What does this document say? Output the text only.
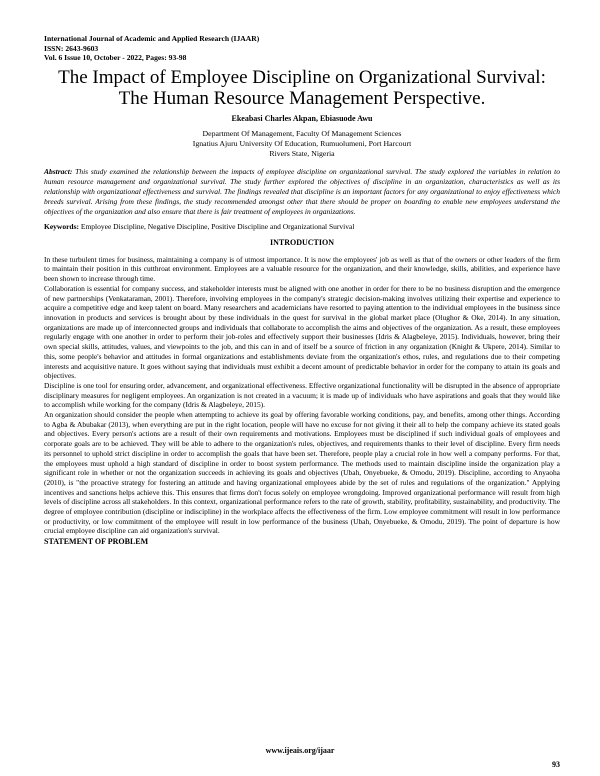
International Journal of Academic and Applied Research (IJAAR)
ISSN: 2643-9603
Vol. 6 Issue 10, October - 2022, Pages: 93-98
The Impact of Employee Discipline on Organizational Survival:
The Human Resource Management Perspective.
Ekeabasi Charles Akpan, Ebiasuode Awu
Department Of Management, Faculty Of Management Sciences
Ignatius Ajuru University Of Education, Rumuolumeni, Port Harcourt
Rivers State, Nigeria
Abstract: This study examined the relationship between the impacts of employee discipline on organizational survival. The study explored the variables in relation to human resource management and organizational survival. The study further explored the objectives of discipline in an organization, characteristics as well as its relationship with organizational effectiveness and survival. The findings revealed that discipline is an important factors for any organizational to enjoy effectiveness which breeds survival. Arising from these findings, the study recommended amongst other that there should be proper on boarding to enable new employees understand the objectives of the organization and also ensure that there is fair treatment of employees in organizations.
Keywords: Employee Discipline, Negative Discipline, Positive Discipline and Organizational Survival
INTRODUCTION

In these turbulent times for business, maintaining a company is of utmost importance. It is now the employees' job as well as that of the owners or other leaders of the firm to maintain their position in this cutthroat environment. Employees are a valuable resource for the organization, and their knowledge, skills, abilities, and experience have been shown to increase through time.

Collaboration is essential for company success, and stakeholder interests must be aligned with one another in order for there to be no business disruption and the emergence of new partnerships (Venkataraman, 2001). Therefore, involving employees in the company's strategic decision-making involves utilizing their expertise and experience to acquire a competitive edge and keep talent on board. Many researchers and academicians have resorted to paying attention to the individual employees in the business since innovation in products and services is brought about by these individuals in the quest for survival in the global market place (Olughor & Oke, 2014). In any situation, organizations are made up of interconnected groups and individuals that collaborate to accomplish the aims and objectives of the organization. As a result, these employees regularly engage with one another in order to perform their job-roles and effectively support their businesses (Idris & Alagbeleye, 2015). Individuals, however, bring their own special skills, attitudes, values, and viewpoints to the job, and this can in and of itself be a source of friction in any organization (Knight & Ukpere, 2014). Similar to this, some people's behavior and attitudes in formal organizations and establishments deviate from the organization's ethos, rules, and regulations due to their competing interests and acquisitive nature. It goes without saying that individuals must exhibit a decent amount of predictable behavior in order for the company to attain its goals and objectives.

Discipline is one tool for ensuring order, advancement, and organizational effectiveness. Effective organizational functionality will be disrupted in the absence of appropriate disciplinary measures for negligent employees. An organization is not created in a vacuum; it is made up of individuals who have aspirations and goals that they would like to accomplish while working for the company (Idris & Alagbeleye, 2015).

An organization should consider the people when attempting to achieve its goal by offering favorable working conditions, pay, and benefits, among other things. According to Agba & Abubakar (2013), when everything are put in the right location, people will have no excuse for not giving it their all to help the company achieve its stated goals and objectives. Every person's actions are a result of their own requirements and motivations. Employees must be disciplined if such individual goals of employees and corporate goals are to be achieved. They will be able to adhere to the organization's rules, objectives, and requirements thanks to their level of discipline. Every firm needs its personnel to uphold strict discipline in order to accomplish the goals that have been set. Therefore, people play a crucial role in how well a company performs. For that, the employees must uphold a high standard of discipline in order to boost system performance. The methods used to maintain discipline inside the organization play a significant role in whether or not the organization succeeds in achieving its goals and objectives (Ubah, Onyebueke, & Omodu, 2019). Discipline, according to Anyaoha (2010), is "the proactive strategy for fostering an attitude and having organizational employees abide by the set of rules and regulations of the organization." Applying incentives and sanctions helps achieve this. This ensures that firms don't focus solely on employee wrongdoing. Improved organizational performance will result from high levels of discipline across all stakeholders. In this context, organizational performance refers to the rate of growth, stability, profitability, sustainability, and productivity. The degree of employee contribution (discipline or indiscipline) in the workplace affects the effectiveness of the firm. Low employee commitment will result in low performance or productivity, or low commitment of the employee will result in low performance of the business (Ubah, Onyebueke, & Omodu, 2019). The point of departure is how crucial employee discipline can aid organization's survival.

STATEMENT OF PROBLEM
www.ijeais.org/ijaar
93
